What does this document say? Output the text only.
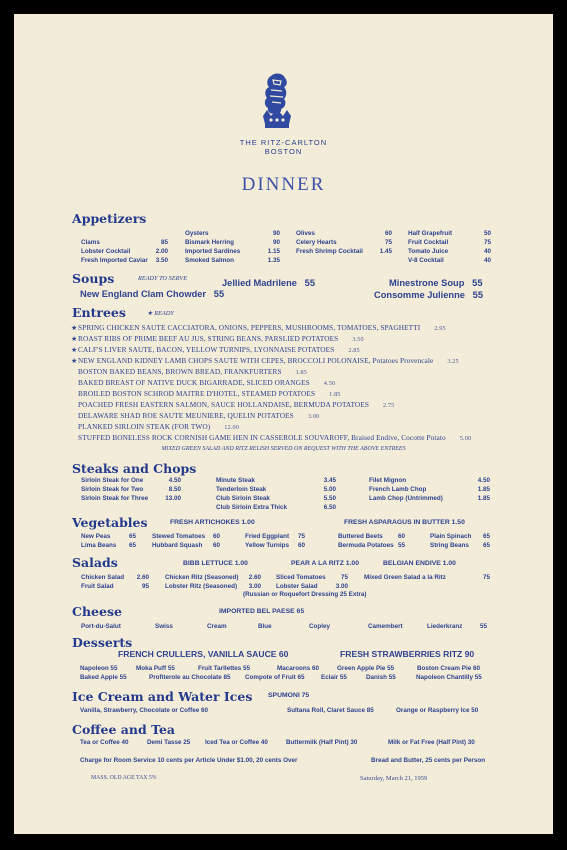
THE RITZ-CARLTON
BOSTON
DINNER
Appetizers
Clams	85
Lobster Cocktail	2.00
Fresh Imported Caviar 3.50
Oysters	90
Bismark Herring	90
Imported Sardines	1.15
Smoked Salmon	1.35
Olives	60
Celery Hearts	75
Fresh Shrimp Cocktail	1.45
Half Grapefruit	50
Fruit Cocktail	75
Tomato Juice	40
V-8 Cocktail	40
Soups	READY TO SERVE	Jellied Madrilene 55	Minestrone Soup 55
New England Clam Chowder 55	Consomme Julienne 55
Entrees	★ READY
★SPRING CHICKEN SAUTE CACCIATORA, ONIONS, PEPPERS, MUSHROOMS, TOMATOES, SPAGHETTI 2.95
★ROAST RIBS OF PRIME BEEF AU JUS, STRING BEANS, PARSLIED POTATOES 3.50
★CALF'S LIVER SAUTE, BACON, YELLOW TURNIPS, LYONNAISE POTATOES 2.85
★NEW ENGLAND KIDNEY LAMB CHOPS SAUTE WITH CEPES, BROCCOLI POLONAISE, Potatoes Provencale 3.25
BOSTON BAKED BEANS, BROWN BREAD, FRANKFURTERS 1.85
BAKED BREAST OF NATIVE DUCK BIGARRADE, SLICED ORANGES 4.50
BROILED BOSTON SCHROD MAITRE D'HOTEL, STEAMED POTATOES 1.85
POACHED FRESH EASTERN SALMON, SAUCE HOLLANDAISE, BERMUDA POTATOES 2.75
DELAWARE SHAD ROE SAUTE MEUNIERE, QUELIN POTATOES 3.00
PLANKED SIRLOIN STEAK (FOR TWO) 12.00
STUFFED BONELESS ROCK CORNISH GAME HEN IN CASSEROLE SOUVAROFF, Braised Endive, Cocotte Potato 5.00
MIXED GREEN SALAD AND RITZ RELISH SERVED ON REQUEST WITH THE ABOVE ENTREES
Steaks and Chops
Sirloin Steak for One	4.50
Sirloin Steak for Two	8.50
Sirloin Steak for Three	13.00
Minute Steak	3.45
Tenderloin Steak	5.00
Club Sirloin Steak	5.50
Club Sirloin Extra Thick	6.50
Filet Mignon	4.50
French Lamb Chop	1.85
Lamb Chop (Untrimmed)	1.85
Vegetables	FRESH ARTICHOKES 1.00	FRESH ASPARAGUS IN BUTTER 1.50
New Peas	65
Lima Beans 65
Stewed Tomatoes 60
Hubbard Squash 60
Fried Eggplant 75
Yellow Turnips 60
Buttered Beets 60
Bermuda Potatoes 55
Plain Spinach 65
String Beans 65
Salads	BIBB LETTUCE 1.00	PEAR A LA RITZ 1.00	BELGIAN ENDIVE 1.00
Chicken Salad 2.60
Fruit Salad	95
Chicken Ritz (Seasoned) 2.60
Lobster Ritz (Seasoned) 3.00
Sliced Tomatoes 75
Lobster Salad	3.00
Mixed Green Salad a la Ritz	75
(Russian or Roquefort Dressing 25 Extra)
Cheese	IMPORTED BEL PAESE 65
Port-du-Salut	Swiss	Cream	Blue	Copley	Camembert	Liederkranz	55
Desserts
FRENCH CRULLERS, VANILLA SAUCE 60	FRESH STRAWBERRIES RITZ 90
Napoleon 55	Moka Puff 55	Fruit Tarllettes 55	Macaroons 60	Green Apple Pie 55	Boston Cream Pie 60
Baked Apple 55	Profiterole au Chocolate 85 Compote of Fruit 65	Eclair 55	Danish 55	Napoleon Chantilly 55
Ice Cream and Water Ices SPUMONI 75
Vanilla, Strawberry, Chocolate or Coffee 60	Sultana Roll, Claret Sauce 85	Orange or Raspberry Ice 50
Coffee and Tea
Tea or Coffee 40	Demi Tasse 25 Iced Tea or Coffee 40	Buttermilk (Half Pint) 30	Milk or Fat Free (Half Pint) 30
Charge for Room Service 10 cents per Article Under $1.00, 20 cents Over	Bread and Butter, 25 cents per Person
MASS. OLD AGE TAX 5%	Saturday, March 21, 1959
